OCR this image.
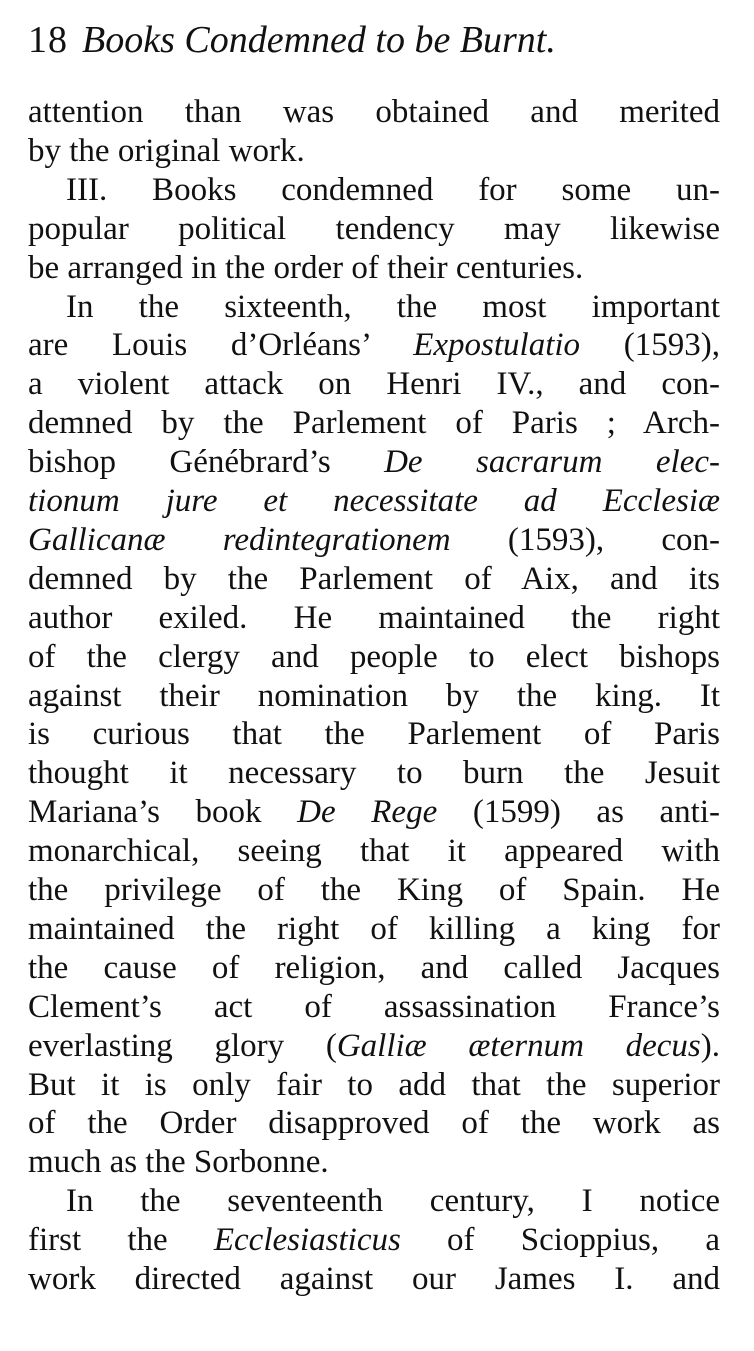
18 Books Condemned to be Burnt.
attention than was obtained and merited
by the original work.
III. Books condemned for some un-
popular political tendency may likewise
be arranged in the order of their centuries.
In the sixteenth, the most important
are Louis d’Orléans’ Expostulatio (1593),
a violent attack on Henri IV., and con-
demned by the Parlement of Paris ; Arch-
bishop Génébrard’s De sacrarum elec-
tionum jure et necessitate ad Ecclesiæ
Gallicanæ redintegrationem (1593), con-
demned by the Parlement of Aix, and its
author exiled. He maintained the right
of the clergy and people to elect bishops
against their nomination by the king. It
is curious that the Parlement of Paris
thought it necessary to burn the Jesuit
Mariana’s book De Rege (1599) as anti-
monarchical, seeing that it appeared with
the privilege of the King of Spain. He
maintained the right of killing a king for
the cause of religion, and called Jacques
Clement’s act of assassination France’s
everlasting glory (Galliæ æternum decus).
But it is only fair to add that the superior
of the Order disapproved of the work as
much as the Sorbonne.
In the seventeenth century, I notice
first the Ecclesiasticus of Scioppius, a
work directed against our James I. and
